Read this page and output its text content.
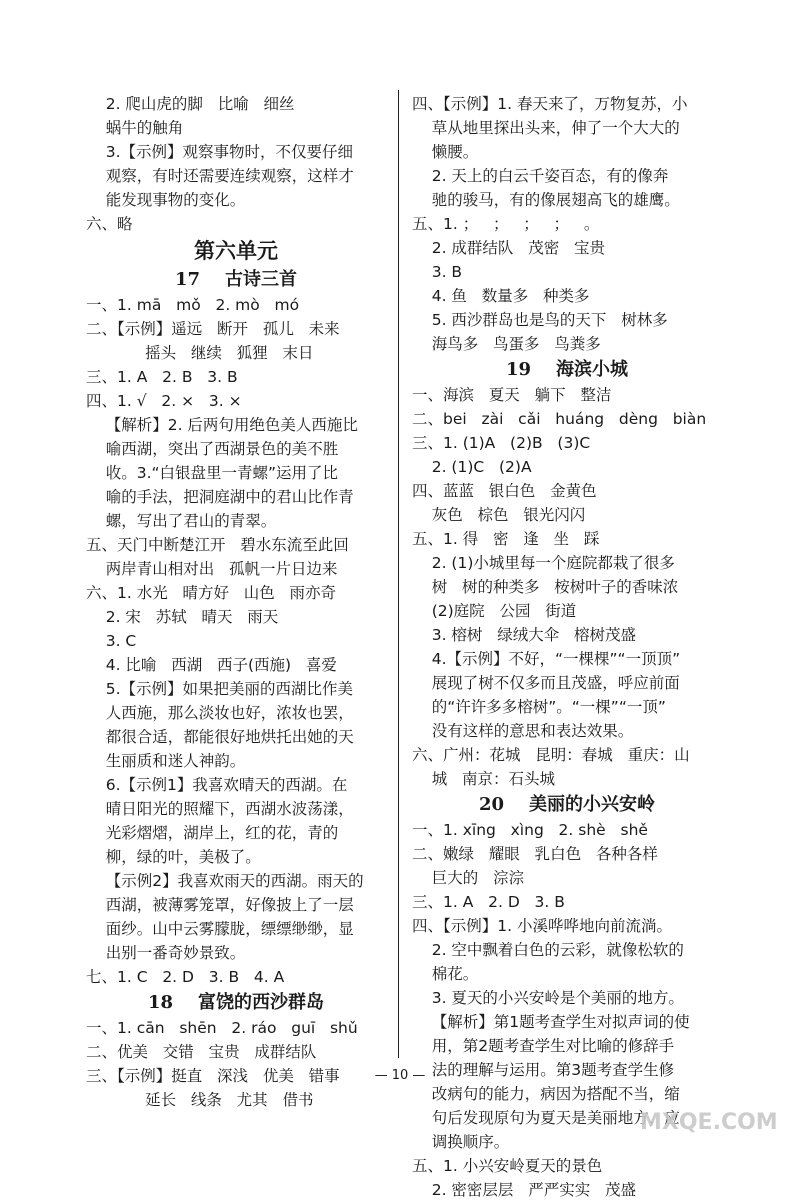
2. 爬山虎的脚   比喻   细丝
蜗牛的触角
3.【示例】观察事物时，不仅要仔细
观察，有时还需要连续观察，这样才
能发现事物的变化。
六、略
第六单元
17    古诗三首
一、1. mā   mǒ   2. mò   mó
二、【示例】遥远   断开   孤儿   未来
摇头   继续   狐狸   末日
三、1. A   2. B   3. B
四、1. √   2. ×   3. ×
【解析】2. 后两句用绝色美人西施比
喻西湖，突出了西湖景色的美不胜
收。3.“白银盘里一青螺”运用了比
喻的手法，把洞庭湖中的君山比作青
螺，写出了君山的青翠。
五、天门中断楚江开   碧水东流至此回
两岸青山相对出   孤帆一片日边来
六、1. 水光   晴方好   山色   雨亦奇
2. 宋   苏轼   晴天   雨天
3. C
4. 比喻   西湖   西子(西施)   喜爱
5.【示例】如果把美丽的西湖比作美
人西施，那么淡妆也好，浓妆也罢，
都很合适，都能很好地烘托出她的天
生丽质和迷人神韵。
6.【示例1】我喜欢晴天的西湖。在
晴日阳光的照耀下，西湖水波荡漾，
光彩熠熠，湖岸上，红的花，青的
柳，绿的叶，美极了。
【示例2】我喜欢雨天的西湖。雨天的
西湖，被薄雾笼罩，好像披上了一层
面纱。山中云雾朦胧，缥缥缈缈，显
出别一番奇妙景致。
七、1. C   2. D   3. B   4. A
18    富饶的西沙群岛
一、1. cān   shēn   2. ráo   guī   shǔ
二、优美   交错   宝贵   成群结队
三、【示例】挺直   深浅   优美   错事
延长   线条   尤其   借书
四、【示例】1. 春天来了，万物复苏，小
草从地里探出头来，伸了一个大大的
懒腰。
2. 天上的白云千姿百态，有的像奔
驰的骏马，有的像展翅高飞的雄鹰。
五、1. ；   ；   ；   ；   。
2. 成群结队   茂密   宝贵
3. B
4. 鱼   数量多   种类多
5. 西沙群岛也是鸟的天下   树林多
海鸟多   鸟蛋多   鸟粪多
19    海滨小城
一、海滨   夏天   躺下   整洁
二、bei   zài   cǎi   huáng   dèng   biàn
三、1. (1)A   (2)B   (3)C
2. (1)C   (2)A
四、蓝蓝   银白色   金黄色
灰色   棕色   银光闪闪
五、1. 得   密   逢   坐   踩
2. (1)小城里每一个庭院都栽了很多
树   树的种类多   桉树叶子的香味浓
(2)庭院   公园   街道
3. 榕树   绿绒大伞   榕树茂盛
4.【示例】不好，“一棵棵”“一顶顶”
展现了树不仅多而且茂盛，呼应前面
的“许许多多榕树”。“一棵”“一顶”
没有这样的意思和表达效果。
六、广州：花城   昆明：春城   重庆：山
城   南京：石头城
20    美丽的小兴安岭
一、1. xīng   xìng   2. shè   shě
二、嫩绿   耀眼   乳白色   各种各样
巨大的   淙淙
三、1. A   2. D   3. B
四、【示例】1. 小溪哗哗地向前流淌。
2. 空中飘着白色的云彩，就像松软的
棉花。
3. 夏天的小兴安岭是个美丽的地方。
【解析】第1题考查学生对拟声词的使
用，第2题考查学生对比喻的修辞手
法的理解与运用。第3题考查学生修
改病句的能力，病因为搭配不当，缩
句后发现原句为夏天是美丽地方，应
调换顺序。
五、1. 小兴安岭夏天的景色
2. 密密层层   严严实实   茂盛
— 10 —
MXQE.COM
